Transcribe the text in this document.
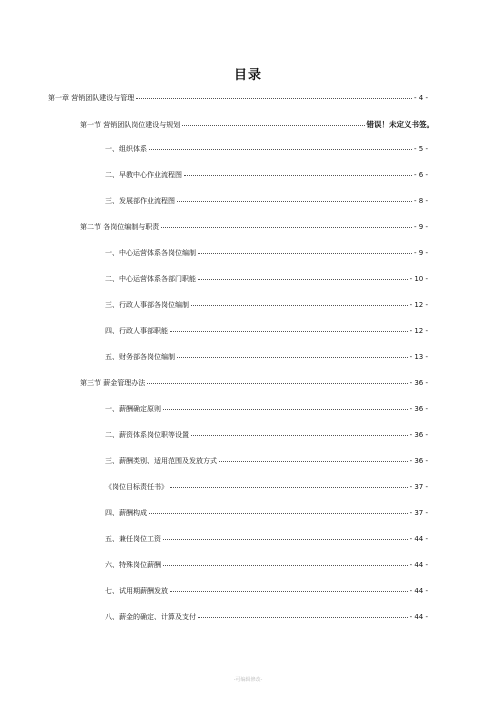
目录
第一章 营销团队建设与管理	- 4 -
第一节 营销团队岗位建设与规划	错误！未定义书签。
一、组织体系	- 5 -
二、早教中心作业流程图	- 6 -
三、发展部作业流程图	- 8 -
第二节 各岗位编制与职责	- 9 -
一、中心运营体系各岗位编制	- 9 -
二、中心运营体系各部门职能	- 10 -
三、行政人事部各岗位编制	- 12 -
四、行政人事部职能	- 12 -
五、财务部各岗位编制	- 13 -
第三节 薪金管理办法	- 36 -
一、薪酬确定原则	- 36 -
二、薪资体系岗位职等设置	- 36 -
三、薪酬类别、适用范围及发放方式	- 36 -
《岗位目标责任书》	- 37 -
四、薪酬构成	- 37 -
五、兼任岗位工资	- 44 -
六、特殊岗位薪酬	- 44 -
七、试用期薪酬发放	- 44 -
八、薪金的确定、计算及支付	- 44 -
-可编辑修改-
